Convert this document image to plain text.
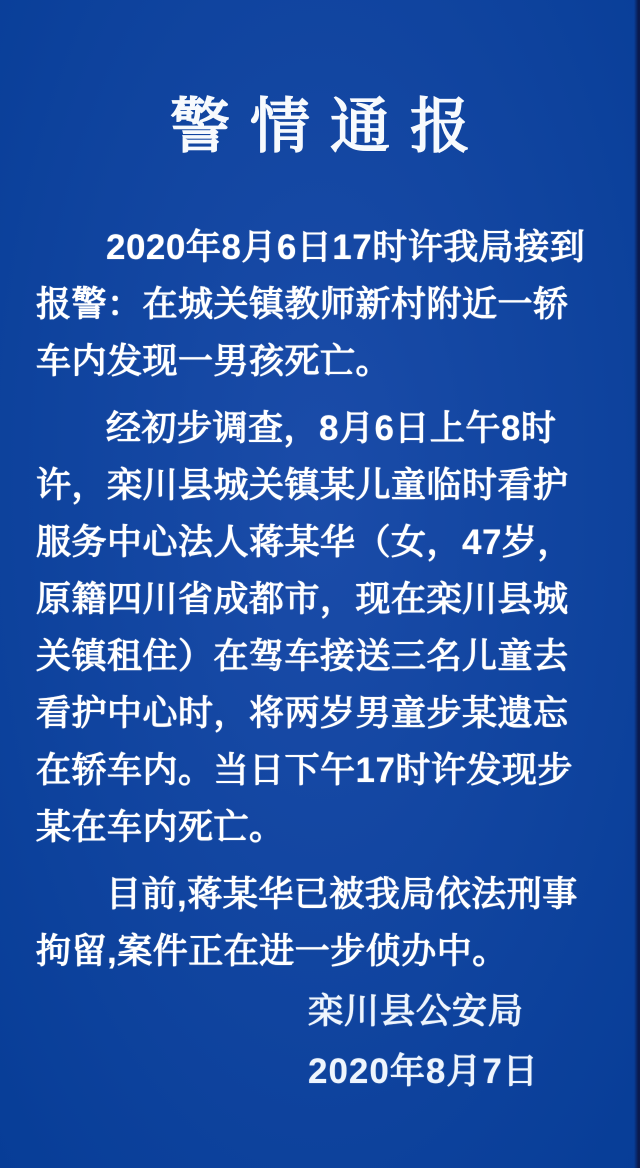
警情通报

2020年8月6日17时许我局接到报警：在城关镇教师新村附近一轿车内发现一男孩死亡。

经初步调查，8月6日上午8时许，栾川县城关镇某儿童临时看护服务中心法人蒋某华（女，47岁，原籍四川省成都市，现在栾川县城关镇租住）在驾车接送三名儿童去看护中心时，将两岁男童步某遗忘在轿车内。当日下午17时许发现步某在车内死亡。

目前,蒋某华已被我局依法刑事拘留,案件正在进一步侦办中。

栾川县公安局
2020年8月7日
